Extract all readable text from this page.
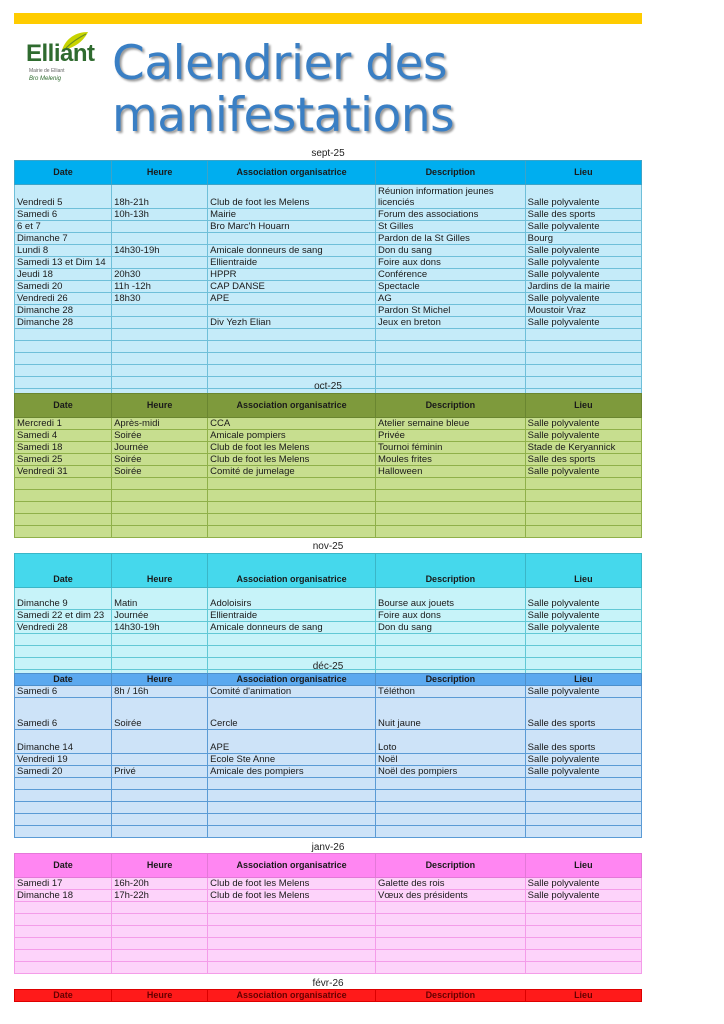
Elliant
Mairie de Elliant
Bro Melenig Calendrier des manifestations
sept-25
Date	Heure	Association organisatrice	Description	Lieu
Vendredi 5	18h-21h	Club de foot les Melens	Réunion information jeunes licenciés	Salle polyvalente
Samedi 6	10h-13h	Mairie	Forum des associations	Salle des sports
6 et 7		Bro Marc'h Houarn	St Gilles	Salle polyvalente
Dimanche 7			Pardon de la St Gilles	Bourg
Lundi 8	14h30-19h	Amicale donneurs de sang	Don du sang	Salle polyvalente
Samedi 13 et Dim 14		Ellientraide	Foire aux dons	Salle polyvalente
Jeudi 18	20h30	HPPR	Conférence	Salle polyvalente
Samedi 20	11h -12h	CAP DANSE	Spectacle	Jardins de la mairie
Vendredi 26	18h30	APE	AG	Salle polyvalente
Dimanche 28			Pardon St Michel	Moustoir Vraz
Dimanche 28		Div Yezh Elian	Jeux en breton	Salle polyvalente

oct-25
Date	Heure	Association organisatrice	Description	Lieu
Mercredi 1	Après-midi	CCA	Atelier semaine bleue	Salle polyvalente
Samedi 4	Soirée	Amicale pompiers	Privée	Salle polyvalente
Samedi 18	Journée	Club de foot les Melens	Tournoi féminin	Stade de Keryannick
Samedi 25	Soirée	Club de foot les Melens	Moules frites	Salle des sports
Vendredi 31	Soirée	Comité de jumelage	Halloween	Salle polyvalente

nov-25
Date	Heure	Association organisatrice	Description	Lieu
Dimanche 9	Matin	Adoloisirs	Bourse aux jouets	Salle polyvalente
Samedi 22 et dim 23	Journée	Ellientraide	Foire aux dons	Salle polyvalente
Vendredi 28	14h30-19h	Amicale donneurs de sang	Don du sang	Salle polyvalente

déc-25
Date	Heure	Association organisatrice	Description	Lieu
Samedi 6	8h / 16h	Comité d'animation	Téléthon	Salle polyvalente
Samedi 6	Soirée	Cercle	Nuit jaune	Salle des sports
Dimanche 14		APE	Loto	Salle des sports
Vendredi 19		Ecole Ste Anne	Noël	Salle polyvalente
Samedi 20	Privé	Amicale des pompiers	Noël des pompiers	Salle polyvalente

janv-26
Date	Heure	Association organisatrice	Description	Lieu
Samedi 17	16h-20h	Club de foot les Melens	Galette des rois	Salle polyvalente
Dimanche 18	17h-22h	Club de foot les Melens	Vœux des présidents	Salle polyvalente

févr-26
Date	Heure	Association organisatrice	Description	Lieu
